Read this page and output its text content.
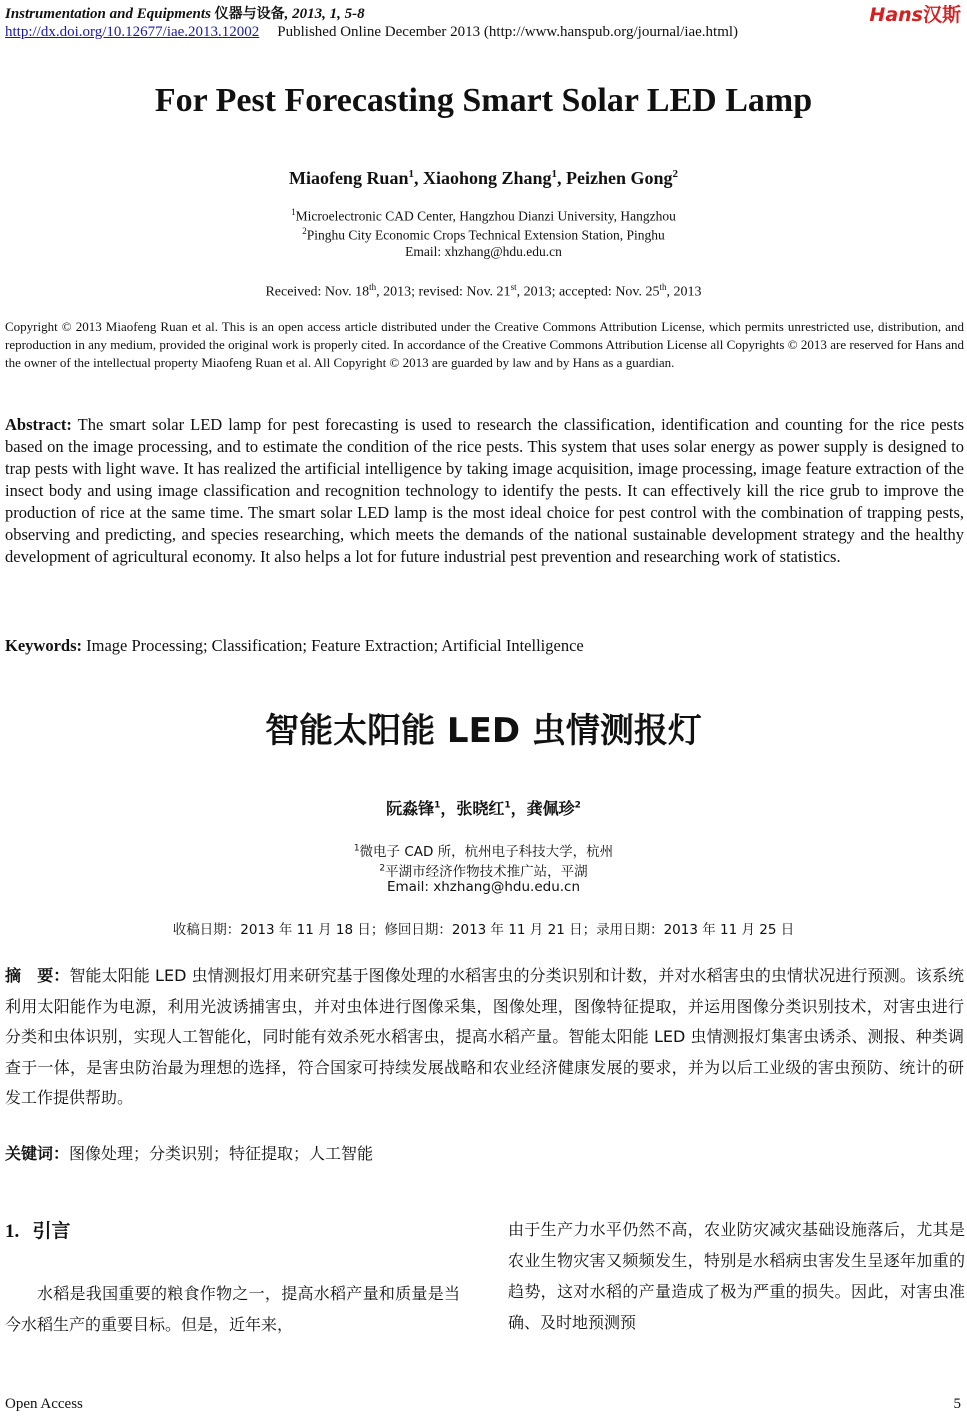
Instrumentation and Equipments 仪器与设备, 2013, 1, 5-8
http://dx.doi.org/10.12677/iae.2013.12002 Published Online December 2013 (http://www.hanspub.org/journal/iae.html)
Hans汉斯
For Pest Forecasting Smart Solar LED Lamp
Miaofeng Ruan$^1$, Xiaohong Zhang$^1$, Peizhen Gong$^2$
$^1$Microelectronic CAD Center, Hangzhou Dianzi University, Hangzhou
$^2$Pinghu City Economic Crops Technical Extension Station, Pinghu
Email: xhzhang@hdu.edu.cn
Received: Nov. 18th, 2013; revised: Nov. 21st, 2013; accepted: Nov. 25th, 2013
Copyright © 2013 Miaofeng Ruan et al. This is an open access article distributed under the Creative Commons Attribution License, which permits unrestricted use, distribution, and reproduction in any medium, provided the original work is properly cited. In accordance of the Creative Commons Attribution License all Copyrights © 2013 are reserved for Hans and the owner of the intellectual property Miaofeng Ruan et al. All Copyright © 2013 are guarded by law and by Hans as a guardian.
Abstract: The smart solar LED lamp for pest forecasting is used to research the classification, identification and counting for the rice pests based on the image processing, and to estimate the condition of the rice pests. This system that uses solar energy as power supply is designed to trap pests with light wave. It has realized the artificial intelligence by taking image acquisition, image processing, image feature extraction of the insect body and using image classification and recognition technology to identify the pests. It can effectively kill the rice grub to improve the production of rice at the same time. The smart solar LED lamp is the most ideal choice for pest control with the combination of trapping pests, observing and predicting, and species researching, which meets the demands of the national sustainable development strategy and the healthy development of agricultural economy. It also helps a lot for future industrial pest prevention and researching work of statistics.
Keywords: Image Processing; Classification; Feature Extraction; Artificial Intelligence
智能太阳能 LED 虫情测报灯
阮淼锋$^1$，张晓红$^1$，龚佩珍$^2$
$^1$微电子 CAD 所，杭州电子科技大学，杭州
$^2$平湖市经济作物技术推广站，平湖
Email: xhzhang@hdu.edu.cn
收稿日期：2013 年 11 月 18 日；修回日期：2013 年 11 月 21 日；录用日期：2013 年 11 月 25 日
摘　要：智能太阳能 LED 虫情测报灯用来研究基于图像处理的水稻害虫的分类识别和计数，并对水稻害虫的虫情状况进行预测。该系统利用太阳能作为电源，利用光波诱捕害虫，并对虫体进行图像采集，图像处理，图像特征提取，并运用图像分类识别技术，对害虫进行分类和虫体识别，实现人工智能化，同时能有效杀死水稻害虫，提高水稻产量。智能太阳能 LED 虫情测报灯集害虫诱杀、测报、种类调查于一体，是害虫防治最为理想的选择，符合国家可持续发展战略和农业经济健康发展的要求，并为以后工业级的害虫预防、统计的研发工作提供帮助。
关键词：图像处理；分类识别；特征提取；人工智能
1. 引言
水稻是我国重要的粮食作物之一，提高水稻产量和质量是当今水稻生产的重要目标。但是，近年来，
由于生产力水平仍然不高，农业防灾减灾基础设施落后，尤其是农业生物灾害又频频发生，特别是水稻病虫害发生呈逐年加重的趋势，这对水稻的产量造成了极为严重的损失。因此，对害虫准确、及时地预测预
Open Access	5
